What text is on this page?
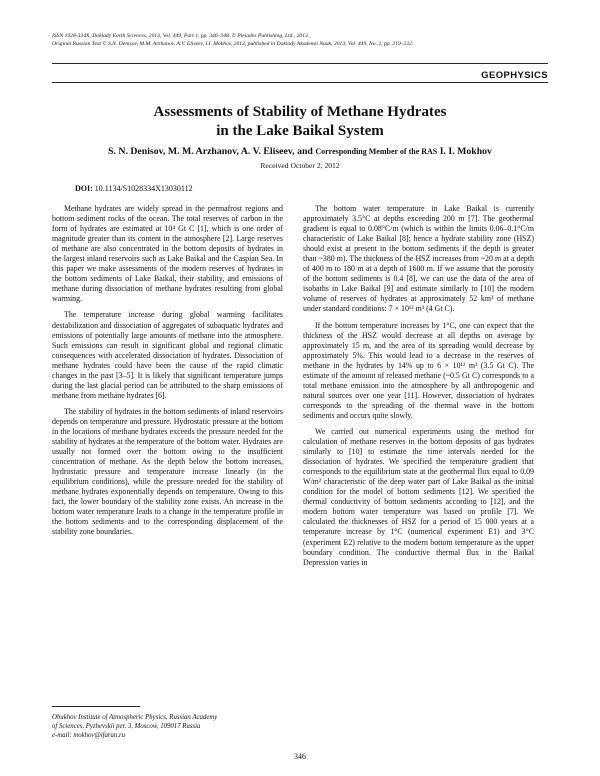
ISSN 1028-334X, Doklady Earth Sciences, 2013, Vol. 449, Part 1, pp. 346–348. © Pleiades Publishing, Ltd., 2013.
Original Russian Text © S.N. Denisov, M.M. Arzhanov, A.V. Eliseev, I.I. Mokhov, 2013, published in Doklady Akademii Nauk, 2013, Vol. 449, No. 2, pp. 219–222.
GEOPHYSICS
Assessments of Stability of Methane Hydrates
in the Lake Baikal System
S. N. Denisov, M. M. Arzhanov, A. V. Eliseev, and Corresponding Member of the RAS I. I. Mokhov
Received October 2, 2012
DOI: 10.1134/S1028334X13030112

Methane hydrates are widely spread in the permafrost regions and bottom sediment rocks of the ocean. The total reserves of carbon in the form of hydrates are estimated at 10⁴ Gt C [1], which is one order of magnitude greater than its content in the atmosphere [2]. Large reserves of methane are also concentrated in the bottom deposits of hydrates in the largest inland reservoirs such as Lake Baikal and the Caspian Sea. In this paper we make assessments of the modern reserves of hydrates in the bottom sediments of Lake Baikal, their stability, and emissions of methane during dissociation of methane hydrates resulting from global warming.

The temperature increase during global warming facilitates destabilization and dissociation of aggregates of subaquatic hydrates and emissions of potentially large amounts of methane into the atmosphere. Such emissions can result in significant global and regional climatic consequences with accelerated dissociation of hydrates. Dissociation of methane hydrates could have been the cause of the rapid climatic changes in the past [3–5]. It is likely that significant temperature jumps during the last glacial period can be attributed to the sharp emissions of methane from methane hydrates [6].

The stability of hydrates in the bottom sediments of inland reservoirs depends on temperature and pressure. Hydrostatic pressure at the bottom in the locations of methane hydrates exceeds the pressure needed for the stability of hydrates at the temperature of the bottom water. Hydrates are usually not formed over the bottom owing to the insufficient concentration of methane. As the depth below the bottom increases, hydrostatic pressure and temperature increase linearly (in the equilibrium conditions), while the pressure needed for the stability of methane hydrates exponentially depends on temperature. Owing to this fact, the lower boundary of the stability zone exists. An increase in the bottom water temperature leads to a change in the temperature profile in the bottom sediments and to the corresponding displacement of the stability zone boundaries.

The bottom water temperature in Lake Baikal is currently approximately 3.5°C at depths exceeding 200 m [7]. The geothermal gradient is equal to 0.08°C/m (which is within the limits 0.06–0.1°C/m characteristic of Lake Baikal [8]; hence a hydrate stability zone (HSZ) should exist at present in the bottom sediments if the depth is greater than ~380 m). The thickness of the HSZ increases from ~20 m at a depth of 400 m to 180 m at a depth of 1600 m. If we assume that the porosity of the bottom sediments is 0.4 [8], we can use the data of the area of isobaths in Lake Baikal [9] and estimate similarly to [10] the modern volume of reserves of hydrates at approximately 52 km³ of methane under standard conditions: 7 × 10¹² m³ (4 Gt C).

If the bottom temperature increases by 1°C, one can expect that the thickness of the HSZ would decrease at all depths on average by approximately 15 m, and the area of its spreading would decrease by approximately 5%. This would lead to a decrease in the reserves of methane in the hydrates by 14% up to 6 × 10¹² m³ (3.5 Gt C). The estimate of the amount of released methane (~0.5 Gt C) corresponds to a total methane emission into the atmosphere by all anthropogenic and natural sources over one year [11]. However, dissociation of hydrates corresponds to the spreading of the thermal wave in the bottom sediments and occurs quite slowly.

We carried out numerical experiments using the method for calculation of methane reserves in the bottom deposits of gas hydrates similarly to [10] to estimate the time intervals needed for the dissociation of hydrates. We specified the temperature gradient that corresponds to the equilibrium state at the geothermal flux equal to 0.09 W/m² characteristic of the deep water part of Lake Baikal as the initial condition for the model of bottom sediments [12]. We specified the thermal conductivity of bottom sediments according to [12], and the modern bottom water temperature was based on profile [7]. We calculated the thicknesses of HSZ for a period of 15 000 years at a temperature increase by 1°C (numerical experiment E1) and 3°C (experiment E2) relative to the modern bottom temperature as the upper boundary condition. The conductive thermal flux in the Baikal Depression varies in

Obukhov Institute of Atmospheric Physics, Russian Academy
of Sciences, Pyzhevskii per. 3, Moscow, 109017 Russia
e-mail: mokhov@ifaran.ru
346
